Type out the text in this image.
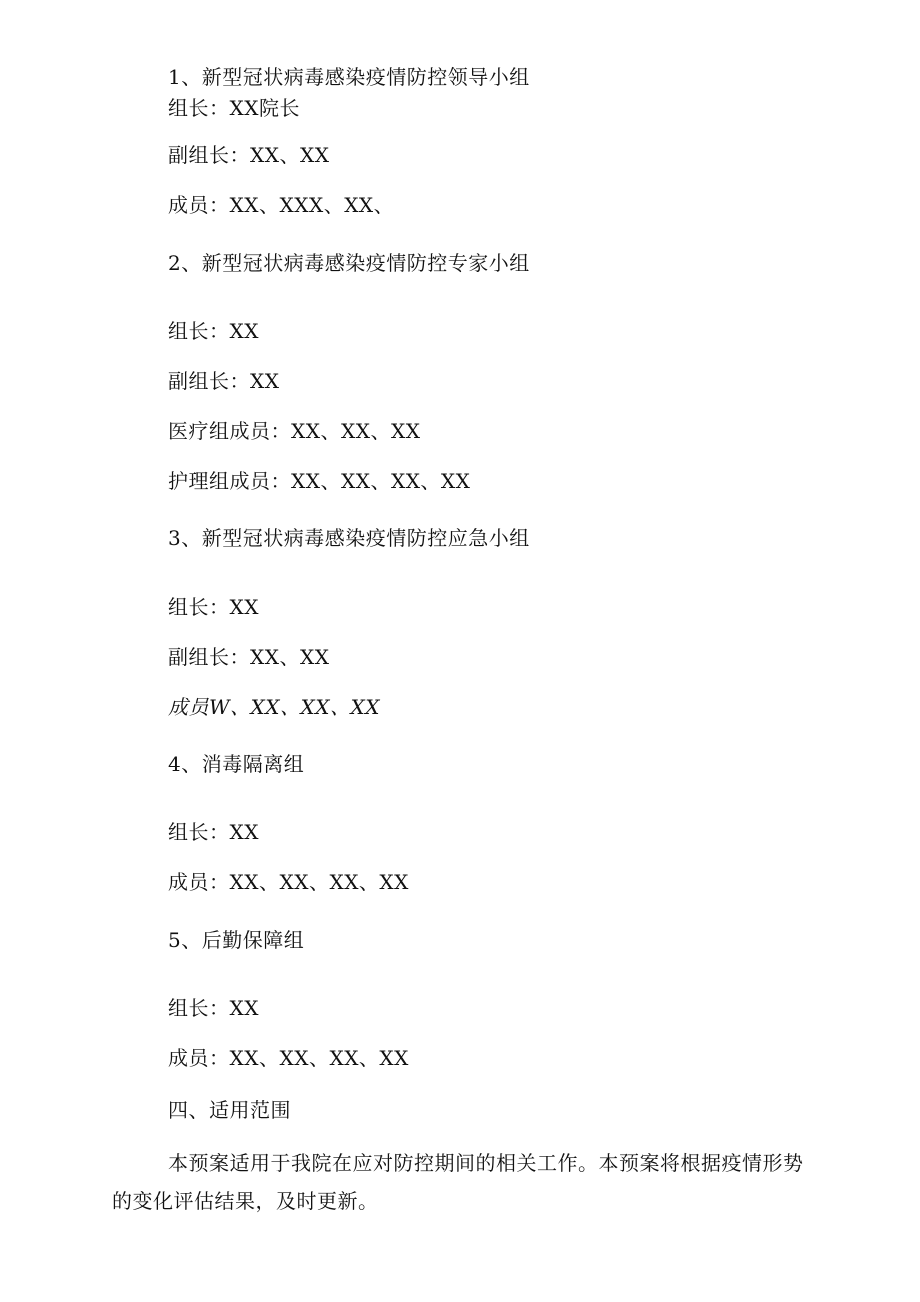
1、新型冠状病毒感染疫情防控领导小组
组长：XX院长
副组长：XX、XX
成员：XX、XXX、XX、
2、新型冠状病毒感染疫情防控专家小组
组长：XX
副组长：XX
医疗组成员：XX、XX、XX
护理组成员：XX、XX、XX、XX
3、新型冠状病毒感染疫情防控应急小组
组长：XX
副组长：XX、XX
成员W、XX、XX、XX
4、消毒隔离组
组长：XX
成员：XX、XX、XX、XX
5、后勤保障组
组长：XX
成员：XX、XX、XX、XX
四、适用范围
本预案适用于我院在应对防控期间的相关工作。本预案将根据疫情形势的变化评估结果，及时更新。
